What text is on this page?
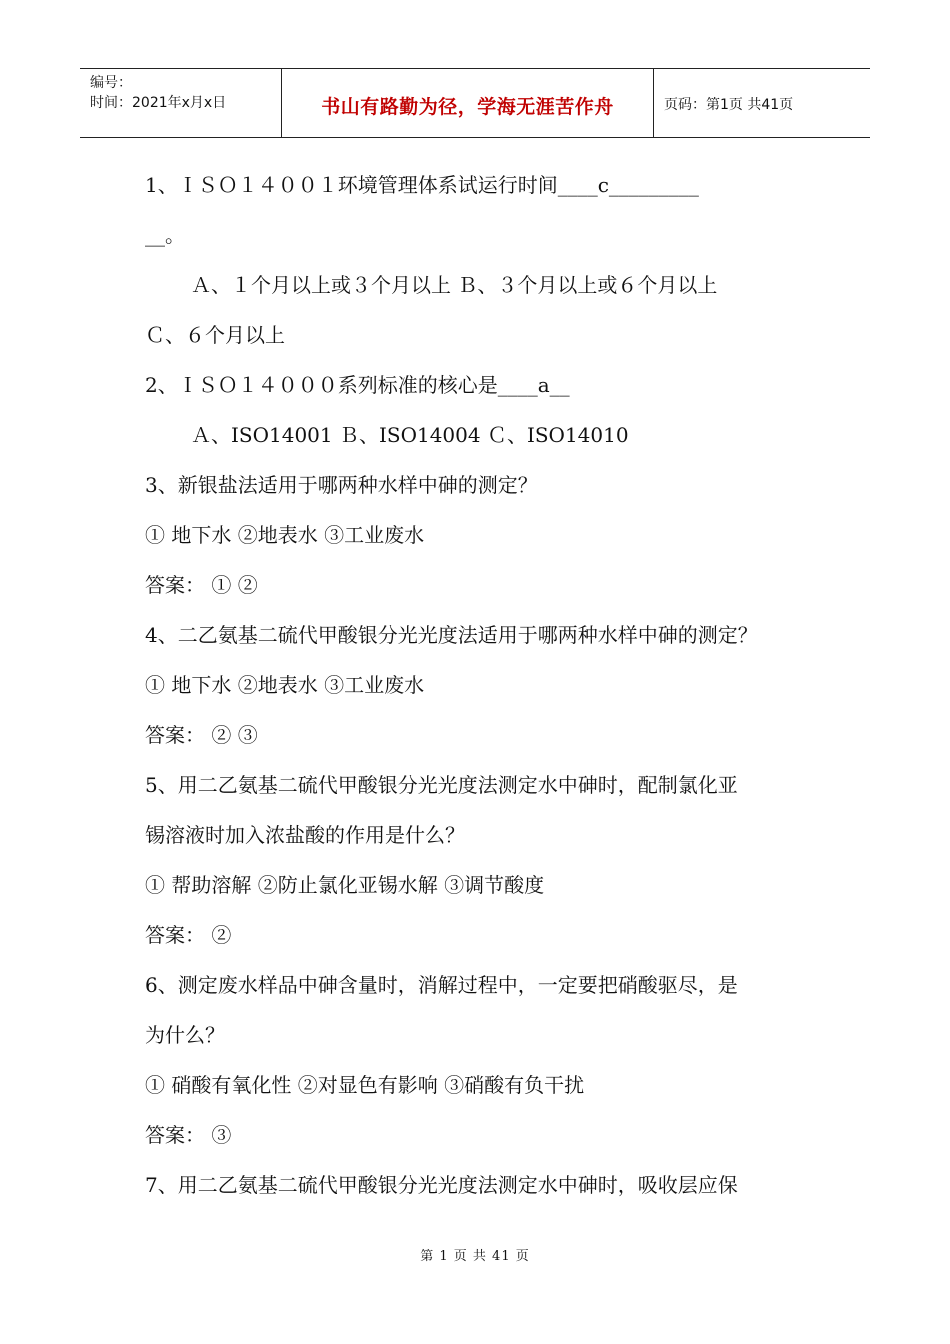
编号：
时间：2021年x月x日	书山有路勤为径，学海无涯苦作舟	页码：第1页 共41页
1、ＩＳＯ１４００１环境管理体系试运行时间____c_________
__。
Ａ、１个月以上或３个月以上 Ｂ、３个月以上或６个月以上
Ｃ、６个月以上
2、ＩＳＯ１４０００系列标准的核心是____a__
Ａ、ISO14001 Ｂ、ISO14004 Ｃ、ISO14010
3、新银盐法适用于哪两种水样中砷的测定？
① 地下水 ②地表水 ③工业废水
答案： ① ②
4、二乙氨基二硫代甲酸银分光光度法适用于哪两种水样中砷的测定？
① 地下水 ②地表水 ③工业废水
答案： ② ③
5、用二乙氨基二硫代甲酸银分光光度法测定水中砷时，配制氯化亚
锡溶液时加入浓盐酸的作用是什么？
① 帮助溶解 ②防止氯化亚锡水解 ③调节酸度
答案： ②
6、测定废水样品中砷含量时，消解过程中，一定要把硝酸驱尽，是
为什么？
① 硝酸有氧化性 ②对显色有影响 ③硝酸有负干扰
答案： ③
7、用二乙氨基二硫代甲酸银分光光度法测定水中砷时，吸收层应保
第 1 页 共 41 页
